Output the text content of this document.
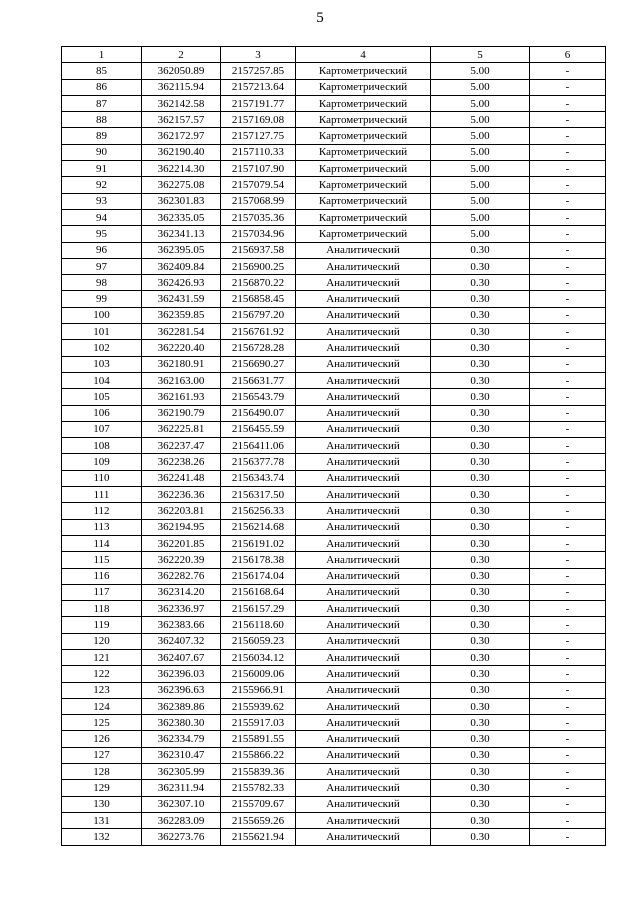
5
1	2	3	4	5	6
85	362050.89	2157257.85	Картометрический	5.00	-
86	362115.94	2157213.64	Картометрический	5.00	-
87	362142.58	2157191.77	Картометрический	5.00	-
88	362157.57	2157169.08	Картометрический	5.00	-
89	362172.97	2157127.75	Картометрический	5.00	-
90	362190.40	2157110.33	Картометрический	5.00	-
91	362214.30	2157107.90	Картометрический	5.00	-
92	362275.08	2157079.54	Картометрический	5.00	-
93	362301.83	2157068.99	Картометрический	5.00	-
94	362335.05	2157035.36	Картометрический	5.00	-
95	362341.13	2157034.96	Картометрический	5.00	-
96	362395.05	2156937.58	Аналитический	0.30	-
97	362409.84	2156900.25	Аналитический	0.30	-
98	362426.93	2156870.22	Аналитический	0.30	-
99	362431.59	2156858.45	Аналитический	0.30	-
100	362359.85	2156797.20	Аналитический	0.30	-
101	362281.54	2156761.92	Аналитический	0.30	-
102	362220.40	2156728.28	Аналитический	0.30	-
103	362180.91	2156690.27	Аналитический	0.30	-
104	362163.00	2156631.77	Аналитический	0.30	-
105	362161.93	2156543.79	Аналитический	0.30	-
106	362190.79	2156490.07	Аналитический	0.30	-
107	362225.81	2156455.59	Аналитический	0.30	-
108	362237.47	2156411.06	Аналитический	0.30	-
109	362238.26	2156377.78	Аналитический	0.30	-
110	362241.48	2156343.74	Аналитический	0.30	-
111	362236.36	2156317.50	Аналитический	0.30	-
112	362203.81	2156256.33	Аналитический	0.30	-
113	362194.95	2156214.68	Аналитический	0.30	-
114	362201.85	2156191.02	Аналитический	0.30	-
115	362220.39	2156178.38	Аналитический	0.30	-
116	362282.76	2156174.04	Аналитический	0.30	-
117	362314.20	2156168.64	Аналитический	0.30	-
118	362336.97	2156157.29	Аналитический	0.30	-
119	362383.66	2156118.60	Аналитический	0.30	-
120	362407.32	2156059.23	Аналитический	0.30	-
121	362407.67	2156034.12	Аналитический	0.30	-
122	362396.03	2156009.06	Аналитический	0.30	-
123	362396.63	2155966.91	Аналитический	0.30	-
124	362389.86	2155939.62	Аналитический	0.30	-
125	362380.30	2155917.03	Аналитический	0.30	-
126	362334.79	2155891.55	Аналитический	0.30	-
127	362310.47	2155866.22	Аналитический	0.30	-
128	362305.99	2155839.36	Аналитический	0.30	-
129	362311.94	2155782.33	Аналитический	0.30	-
130	362307.10	2155709.67	Аналитический	0.30	-
131	362283.09	2155659.26	Аналитический	0.30	-
132	362273.76	2155621.94	Аналитический	0.30	-
